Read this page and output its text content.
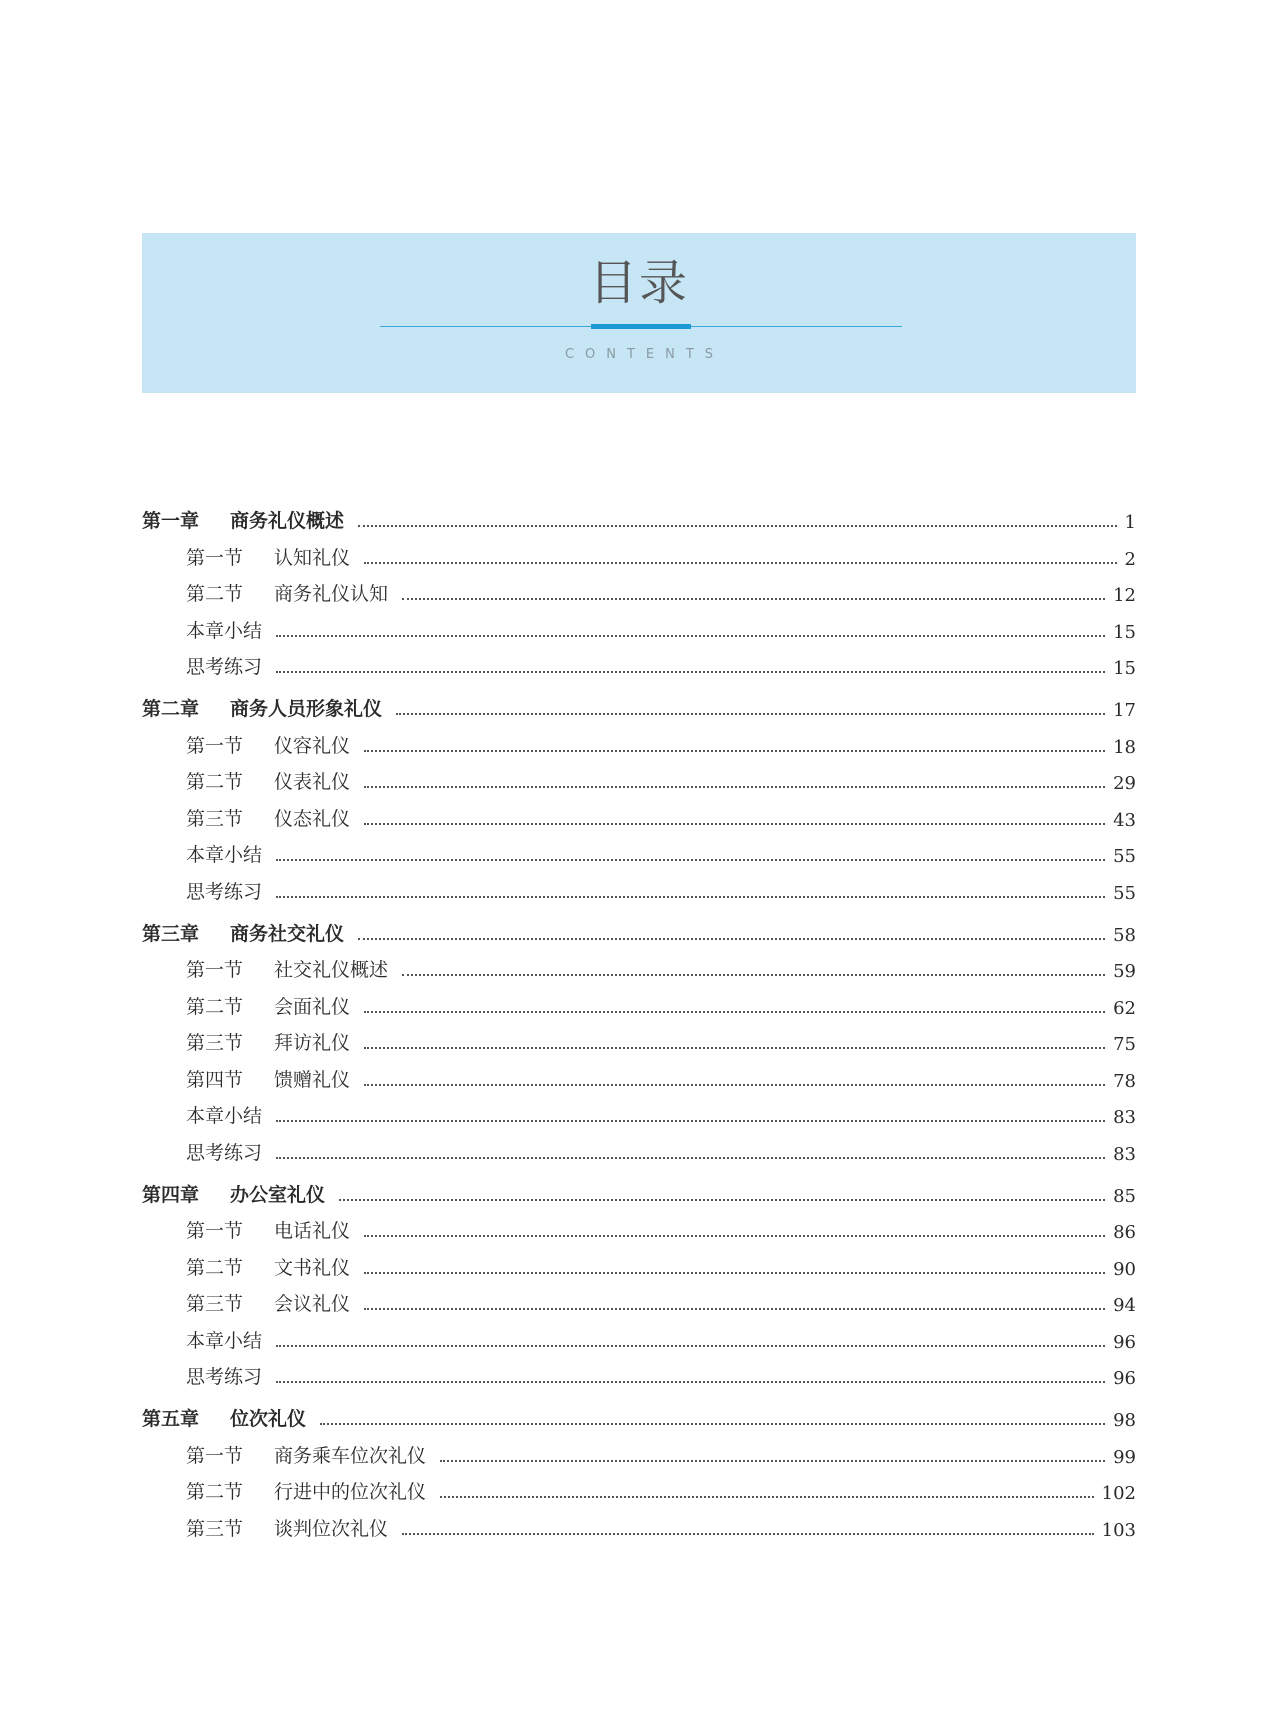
目录
CONTENTS
第一章	商务礼仪概述	1
第一节	认知礼仪	2
第二节	商务礼仪认知	12
本章小结	15
思考练习	15
第二章	商务人员形象礼仪	17
第一节	仪容礼仪	18
第二节	仪表礼仪	29
第三节	仪态礼仪	43
本章小结	55
思考练习	55
第三章	商务社交礼仪	58
第一节	社交礼仪概述	59
第二节	会面礼仪	62
第三节	拜访礼仪	75
第四节	馈赠礼仪	78
本章小结	83
思考练习	83
第四章	办公室礼仪	85
第一节	电话礼仪	86
第二节	文书礼仪	90
第三节	会议礼仪	94
本章小结	96
思考练习	96
第五章	位次礼仪	98
第一节	商务乘车位次礼仪	99
第二节	行进中的位次礼仪	102
第三节	谈判位次礼仪	103
